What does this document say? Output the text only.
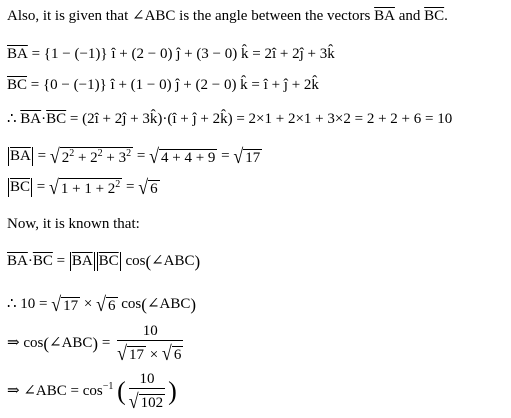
Also, it is given that ∠ABC is the angle between the vectors $\overline{BA}$ and $\overline{BC}$.
$\overline{BA} = \{1 - (-1)\}$ î + (2 − 0) ĵ + (3 − 0) k̂ = 2î + 2ĵ + 3k̂
$\overline{BC} = \{0 - (-1)\}$ î + (1 − 0) ĵ + (2 − 0) k̂ = î + ĵ + 2k̂
∴ $\overline{BA}\cdot\overline{BC}$ = (2î + 2ĵ + 3k̂)·(î + ĵ + 2k̂) = 2×1 + 2×1 + 3×2 = 2 + 2 + 6 = 10
$\overline{BA}$ = √ $2^2 + 2^2 + 3^2$ = √ 4 + 4 + 9 = √ 17
$\overline{BC}$ = √ $1 + 1 + 2^2$ = √ 6
Now, it is known that:
$\overline{BA}\cdot\overline{BC} = \overline{BA}$ $\overline{BC}$ cos(∠ABC)
∴ 10 = √ 17 × √ 6 cos(∠ABC)
⇒ cos(∠ABC) = $\frac{10}{√ 17 \times √ 6}$
⇒ ∠ABC = $\cos^{-1}$ ( $\frac{10}{√ 102}$ )
